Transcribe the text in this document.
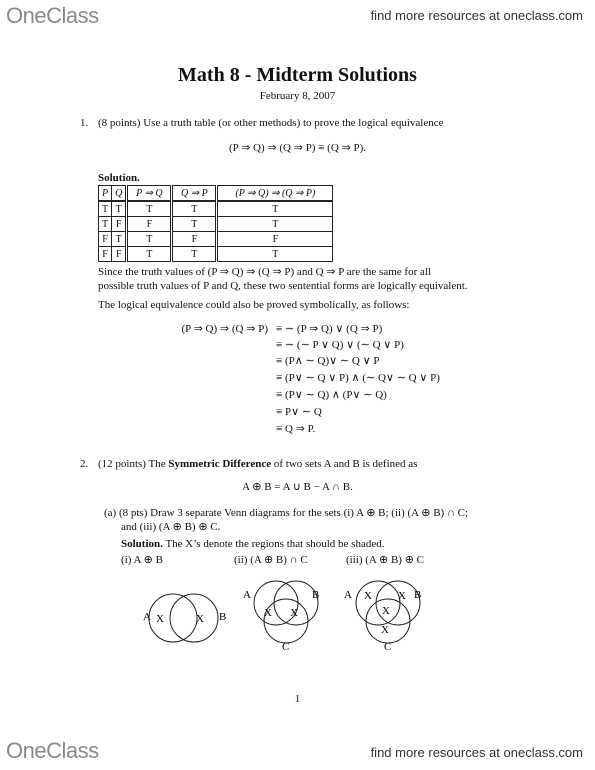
OneClass	find more resources at oneclass.com
Math 8 - Midterm Solutions
February 8, 2007
1. (8 points) Use a truth table (or other methods) to prove the logical equivalence
(P ⇒ Q) ⇒ (Q ⇒ P) ≡ (Q ⇒ P).
Solution.
P	Q	P ⇒ Q	Q ⇒ P	(P ⇒ Q) ⇒ (Q ⇒ P)
T	T	T	T	T
T	F	F	T	T
F	T	T	F	F
F	F	T	T	T
Since the truth values of (P ⇒ Q) ⇒ (Q ⇒ P) and Q ⇒ P are the same for all
possible truth values of P and Q, these two sentential forms are logically equivalent.
The logical equivalence could also be proved symbolically, as follows:
(P ⇒ Q) ⇒ (Q ⇒ P) ≡ ∼ (P ⇒ Q) ∨ (Q ⇒ P)
≡ ∼ (∼ P ∨ Q) ∨ (∼ Q ∨ P)
≡ (P∧ ∼ Q)∨ ∼ Q ∨ P
≡ (P∨ ∼ Q ∨ P) ∧ (∼ Q∨ ∼ Q ∨ P)
≡ (P∨ ∼ Q) ∧ (P∨ ∼ Q)
≡ P∨ ∼ Q
≡ Q ⇒ P.
2. (12 points) The Symmetric Difference of two sets A and B is defined as
A ⊕ B = A ∪ B − A ∩ B.
(a) (8 pts) Draw 3 separate Venn diagrams for the sets (i) A ⊕ B; (ii) (A ⊕ B) ∩ C;
and (iii) (A ⊕ B) ⊕ C.
Solution. The X’s denote the regions that should be shaded.
(i) A ⊕ B	(ii) (A ⊕ B) ∩ C	(iii) (A ⊕ B) ⊕ C
A	B
X	X
A	B
C
X X
A	B
C
X X
X
X
1
OneClass	find more resources at oneclass.com
